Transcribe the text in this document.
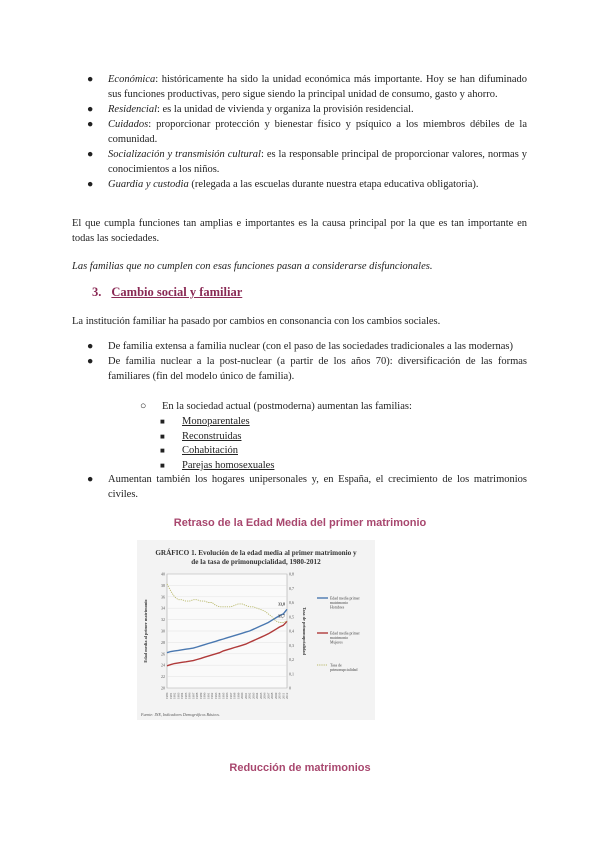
● Económica: históricamente ha sido la unidad económica más importante. Hoy se han difuminado sus funciones productivas, pero sigue siendo la principal unidad de consumo, gasto y ahorro.
● Residencial: es la unidad de vivienda y organiza la provisión residencial.
● Cuidados: proporcionar protección y bienestar físico y psíquico a los miembros débiles de la comunidad.
● Socialización y transmisión cultural: es la responsable principal de proporcionar valores, normas y conocimientos a los niños.
● Guardia y custodia (relegada a las escuelas durante nuestra etapa educativa obligatoria).
El que cumpla funciones tan amplias e importantes es la causa principal por la que es tan importante en todas las sociedades.
Las familias que no cumplen con esas funciones pasan a considerarse disfuncionales.
3. Cambio social y familiar
La institución familiar ha pasado por cambios en consonancia con los cambios sociales.
● De familia extensa a familia nuclear (con el paso de las sociedades tradicionales a las modernas)
● De familia nuclear a la post-nuclear (a partir de los años 70): diversificación de las formas familiares (fin del modelo único de familia).
○ En la sociedad actual (postmoderna) aumentan las familias:
■ Monoparentales
■ Reconstruidas
■ Cohabitación
■ Parejas homosexuales
● Aumentan también los hogares unipersonales y, en España, el crecimiento de los matrimonios civiles.
Retraso de la Edad Media del primer matrimonio
GRÁFICO 1. Evolución de la edad media al primer matrimonio y
de la tasa de primonupcialidad, 1980-2012
20
22
24
26
28
30
32
34
36
38
40
0
0,1
0,2
0,3
0,4
0,5
0,6
0,7
0,8
1980 1981 1982 1983 1984 1985 1986 1987 1988 1989 1990 1991 1992 1993 1994 1995 1996 1997 1998 1999 2000 2001 2002 2003 2004 2005 2006 2007 2008 2009 2010 2011 2012
Edad media al primer matrimonio	Tasa de primonupcialidad
33,8
31,7
Edad media primer
matrimonio
Hombres
Edad media primer
matrimonio
Mujeres
Tasa de
primonupcialidad
Fuente: INE, Indicadores Demográficos Básicos.
Reducción de matrimonios
